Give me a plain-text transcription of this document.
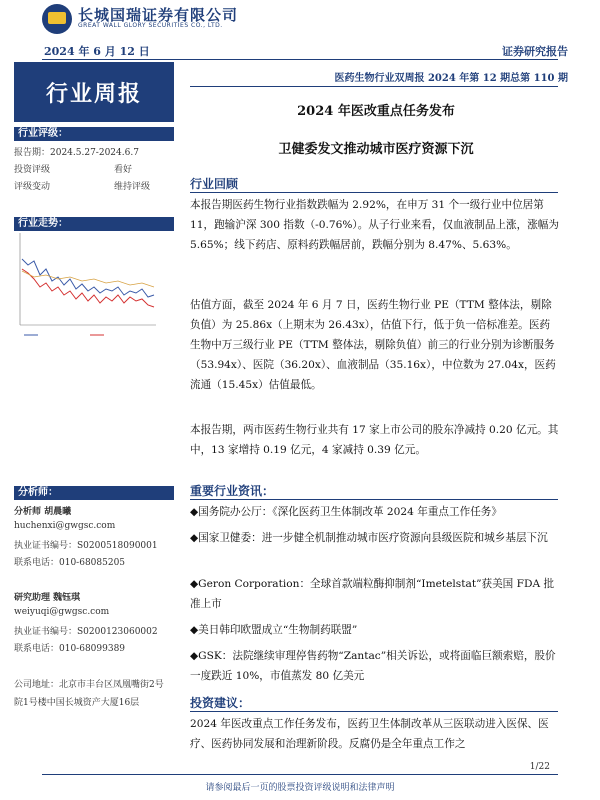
长城国瑞证券有限公司
GREAT WALL GLORY SECURITIES CO., LTD.
2024 年 6 月 12 日	证券研究报告
行业周报
行业评级：
报告期：2024.5.27-2024.6.7
投资评级	看好
评级变动	维持评级
行业走势：
分析师：
分析师 胡晨曦
huchenxi@gwgsc.com
执业证书编号：S0200518090001
联系电话：010-68085205
研究助理 魏钰琪
weiyuqi@gwgsc.com
执业证书编号：S0200123060002
联系电话：010-68099389
公司地址：北京市丰台区凤凰嘴街2号院1号楼中国长城资产大厦16层
医药生物行业双周报 2024 年第 12 期总第 110 期
2024 年医改重点任务发布
卫健委发文推动城市医疗资源下沉
行业回顾
本报告期医药生物行业指数跌幅为 2.92%，在申万 31 个一级行业中位居第 11，跑输沪深 300 指数（-0.76%）。从子行业来看，仅血液制品上涨，涨幅为 5.65%；线下药店、原料药跌幅居前，跌幅分别为 8.47%、5.63%。
估值方面，截至 2024 年 6 月 7 日，医药生物行业 PE（TTM 整体法，剔除负值）为 25.86x（上期末为 26.43x），估值下行，低于负一倍标准差。医药生物中万三级行业 PE（TTM 整体法，剔除负值）前三的行业分别为诊断服务（53.94x）、医院（36.20x）、血液制品（35.16x），中位数为 27.04x，医药流通（15.45x）估值最低。
本报告期，两市医药生物行业共有 17 家上市公司的股东净减持 0.20 亿元。其中，13 家增持 0.19 亿元，4 家减持 0.39 亿元。
重要行业资讯：
◆国务院办公厅：《深化医药卫生体制改革 2024 年重点工作任务》
◆国家卫健委：进一步健全机制推动城市医疗资源向县级医院和城乡基层下沉
◆Geron Corporation：全球首款端粒酶抑制剂“Imetelstat”获美国 FDA 批准上市
◆美日韩印欧盟成立“生物制药联盟”
◆GSK：法院继续审理停售药物“Zantac”相关诉讼，或将面临巨额索赔，股价一度跌近 10%，市值蒸发 80 亿美元
投资建议：
2024 年医改重点工作任务发布，医药卫生体制改革从三医联动进入医保、医疗、医药协同发展和治理新阶段。反腐仍是全年重点工作之
1/22
请参阅最后一页的股票投资评级说明和法律声明
